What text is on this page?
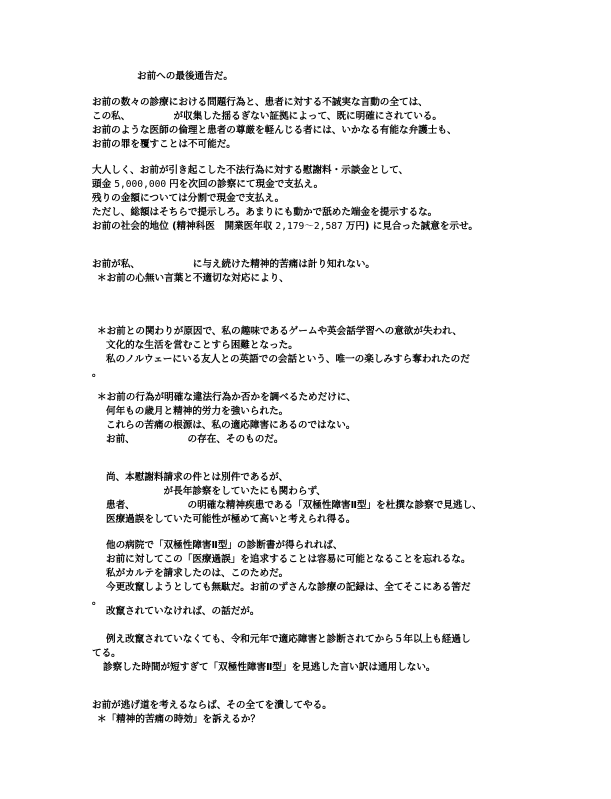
お前への最後通告だ。
お前の数々の診療における問題行為と、患者に対する不誠実な言動の全ては、
この私、　　　　　が収集した揺るぎない証拠によって、既に明確にされている。
お前のような医師の倫理と患者の尊厳を軽んじる者には、いかなる有能な弁護士も、
お前の罪を覆すことは不可能だ。
大人しく、お前が引き起こした不法行為に対する慰謝料・示談金として、
頭金 5,000,000 円を次回の診察にて現金で支払え。
残りの金額については分割で現金で支払え。
ただし、総額はそちらで提示しろ。あまりにも動かで舐めた端金を提示するな。
お前の社会的地位 (精神科医　開業医年収 2,179〜2,587 万円) に見合った誠意を示せ。
お前が私、　　　　　　に与え続けた精神的苦痛は計り知れない。
＊お前の心無い言葉と不適切な対応により、
＊お前との関わりが原因で、私の趣味であるゲームや英会話学習への意欲が失われ、
文化的な生活を営むことすら困難となった。
私のノルウェーにいる友人との英語での会話という、唯一の楽しみすら奪われたのだ
。
＊お前の行為が明確な違法行為か否かを調べるためだけに、
何年もの歳月と精神的労力を強いられた。
これらの苦痛の根源は、私の適応障害にあるのではない。
お前、　　　　　　の存在、そのものだ。
尚、本慰謝料請求の件とは別件であるが、
　　　　　　が長年診察をしていたにも関わらず、
患者、　　　　　　の明確な精神疾患である「双極性障害Ⅱ型」を杜撰な診察で見逃し、
医療過誤をしていた可能性が極めて高いと考えられ得る。
他の病院で「双極性障害Ⅱ型」の診断書が得られれば、
お前に対してこの「医療過誤」を追求することは容易に可能となることを忘れるな。
私がカルテを請求したのは、このためだ。
今更改竄しようとしても無駄だ。お前のずさんな診療の記録は、全てそこにある筈だ
。
改竄されていなければ、の話だが。
例え改竄されていなくても、令和元年で適応障害と診断されてから５年以上も経過し
てる。
診察した時間が短すぎて「双極性障害Ⅱ型」を見逃した言い訳は通用しない。
お前が逃げ道を考えるならば、その全てを潰してやる。
＊「精神的苦痛の時効」を訴えるか？
